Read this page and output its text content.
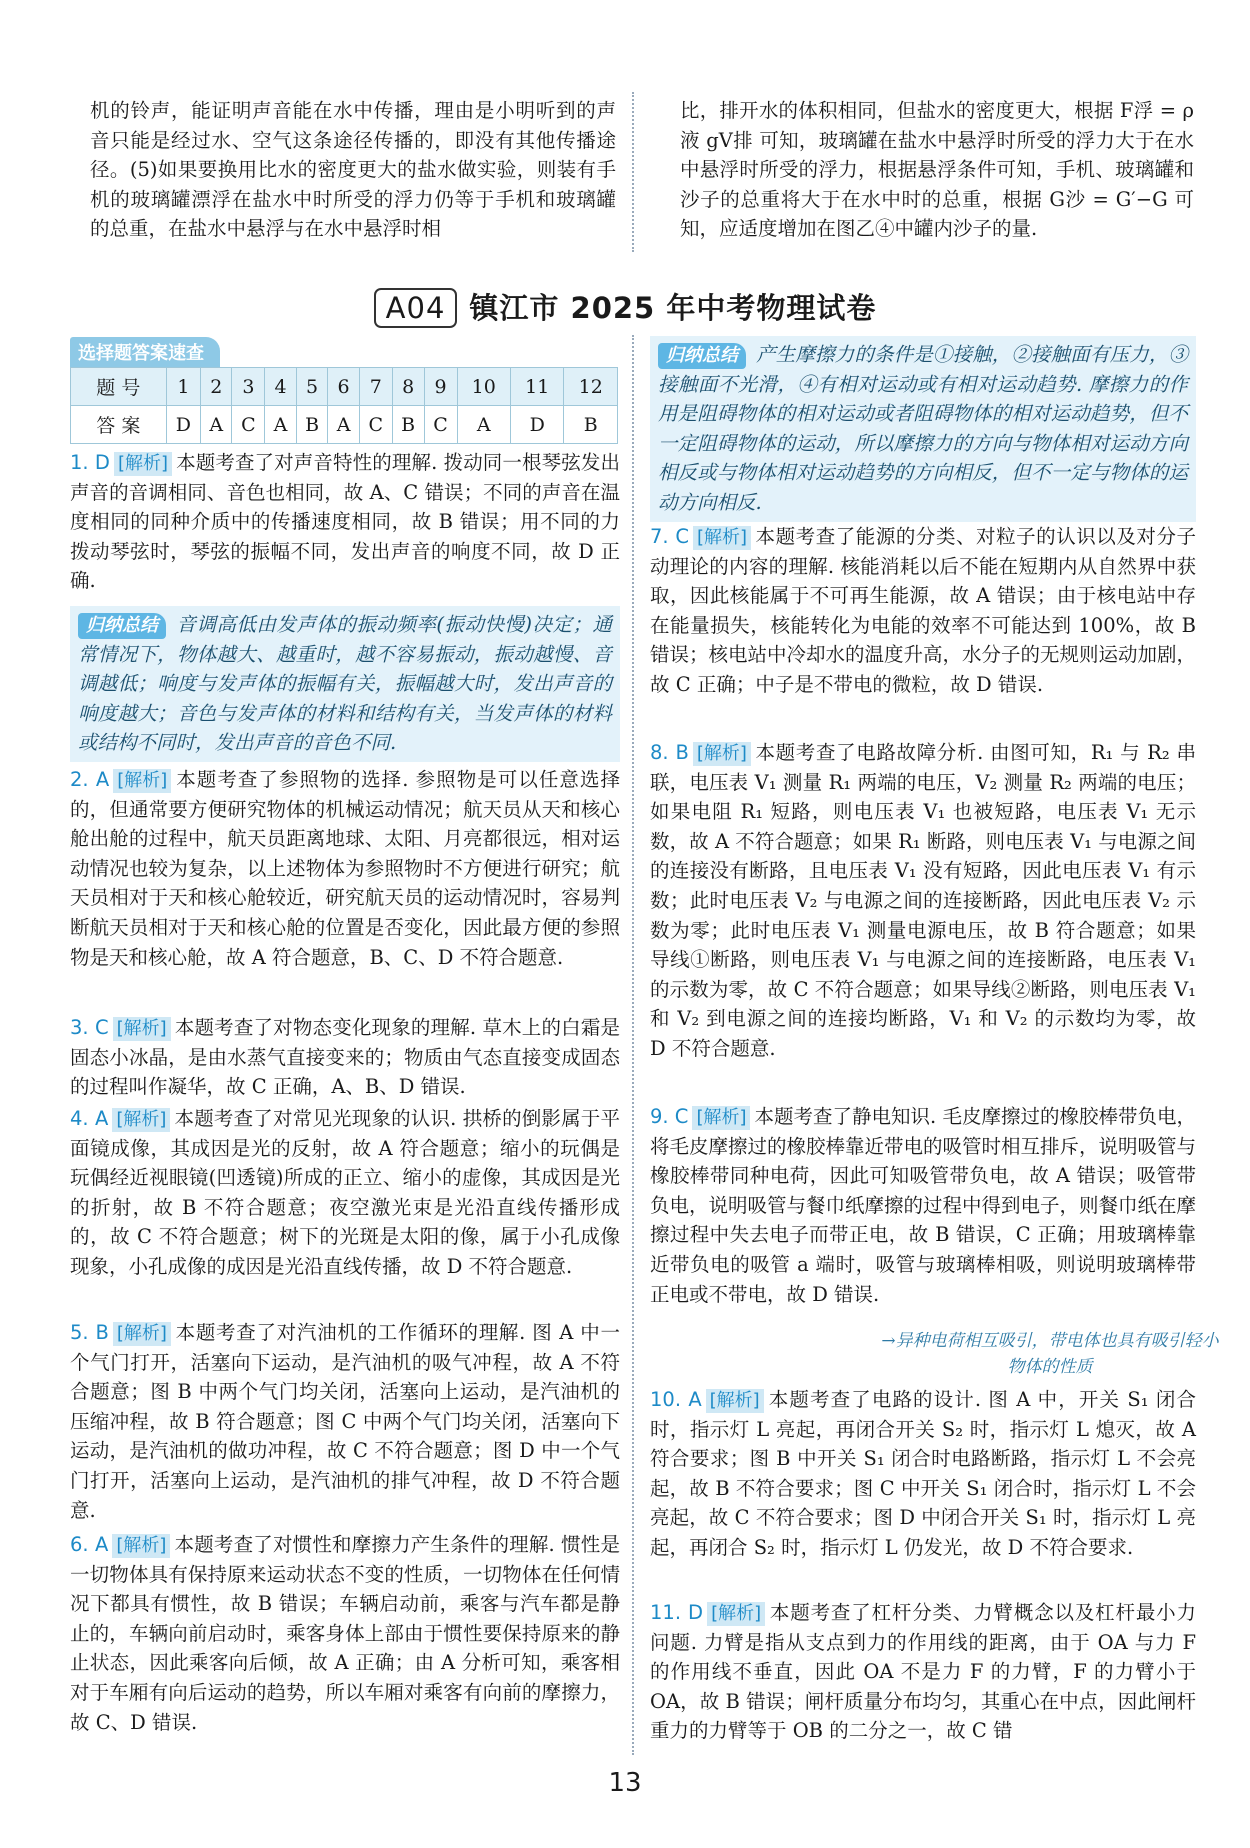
机的铃声，能证明声音能在水中传播，理由是小明听到的声音只能是经过水、空气这条途径传播的，即没有其他传播途径。(5)如果要换用比水的密度更大的盐水做实验，则装有手机的玻璃罐漂浮在盐水中时所受的浮力仍等于手机和玻璃罐的总重，在盐水中悬浮与在水中悬浮时相
比，排开水的体积相同，但盐水的密度更大，根据 F浮 = ρ液 gV排 可知，玻璃罐在盐水中悬浮时所受的浮力大于在水中悬浮时所受的浮力，根据悬浮条件可知，手机、玻璃罐和沙子的总重将大于在水中时的总重，根据 G沙 = G′−G 可知，应适度增加在图乙④中罐内沙子的量.
A04 镇江市 2025 年中考物理试卷
选择题答案速查
题 号	1	2	3	4	5	6	7	8	9	10	11	12
答 案	D	A	C	A	B	A	C	B	C	A	D	B
1. D [解析] 本题考查了对声音特性的理解. 拨动同一根琴弦发出声音的音调相同、音色也相同，故 A、C 错误；不同的声音在温度相同的同种介质中的传播速度相同，故 B 错误；用不同的力拨动琴弦时，琴弦的振幅不同，发出声音的响度不同，故 D 正确.
归纳总结 音调高低由发声体的振动频率(振动快慢)决定；通常情况下，物体越大、越重时，越不容易振动，振动越慢、音调越低；响度与发声体的振幅有关，振幅越大时，发出声音的响度越大；音色与发声体的材料和结构有关，当发声体的材料或结构不同时，发出声音的音色不同.
2. A [解析] 本题考查了参照物的选择. 参照物是可以任意选择的，但通常要方便研究物体的机械运动情况；航天员从天和核心舱出舱的过程中，航天员距离地球、太阳、月亮都很远，相对运动情况也较为复杂，以上述物体为参照物时不方便进行研究；航天员相对于天和核心舱较近，研究航天员的运动情况时，容易判断航天员相对于天和核心舱的位置是否变化，因此最方便的参照物是天和核心舱，故 A 符合题意，B、C、D 不符合题意.
3. C [解析] 本题考查了对物态变化现象的理解. 草木上的白霜是固态小冰晶，是由水蒸气直接变来的；物质由气态直接变成固态的过程叫作凝华，故 C 正确，A、B、D 错误.
4. A [解析] 本题考查了对常见光现象的认识. 拱桥的倒影属于平面镜成像，其成因是光的反射，故 A 符合题意；缩小的玩偶是玩偶经近视眼镜(凹透镜)所成的正立、缩小的虚像，其成因是光的折射，故 B 不符合题意；夜空激光束是光沿直线传播形成的，故 C 不符合题意；树下的光斑是太阳的像，属于小孔成像现象，小孔成像的成因是光沿直线传播，故 D 不符合题意.
5. B [解析] 本题考查了对汽油机的工作循环的理解. 图 A 中一个气门打开，活塞向下运动，是汽油机的吸气冲程，故 A 不符合题意；图 B 中两个气门均关闭，活塞向上运动，是汽油机的压缩冲程，故 B 符合题意；图 C 中两个气门均关闭，活塞向下运动，是汽油机的做功冲程，故 C 不符合题意；图 D 中一个气门打开，活塞向上运动，是汽油机的排气冲程，故 D 不符合题意.
6. A [解析] 本题考查了对惯性和摩擦力产生条件的理解. 惯性是一切物体具有保持原来运动状态不变的性质，一切物体在任何情况下都具有惯性，故 B 错误；车辆启动前，乘客与汽车都是静止的，车辆向前启动时，乘客身体上部由于惯性要保持原来的静止状态，因此乘客向后倾，故 A 正确；由 A 分析可知，乘客相对于车厢有向后运动的趋势，所以车厢对乘客有向前的摩擦力，故 C、D 错误.
归纳总结 产生摩擦力的条件是①接触，②接触面有压力，③接触面不光滑，④有相对运动或有相对运动趋势. 摩擦力的作用是阻碍物体的相对运动或者阻碍物体的相对运动趋势，但不一定阻碍物体的运动，所以摩擦力的方向与物体相对运动方向相反或与物体相对运动趋势的方向相反，但不一定与物体的运动方向相反.
7. C [解析] 本题考查了能源的分类、对粒子的认识以及对分子动理论的内容的理解. 核能消耗以后不能在短期内从自然界中获取，因此核能属于不可再生能源，故 A 错误；由于核电站中存在能量损失，核能转化为电能的效率不可能达到 100%，故 B 错误；核电站中冷却水的温度升高，水分子的无规则运动加剧，故 C 正确；中子是不带电的微粒，故 D 错误.
8. B [解析] 本题考查了电路故障分析. 由图可知，R₁ 与 R₂ 串联，电压表 V₁ 测量 R₁ 两端的电压，V₂ 测量 R₂ 两端的电压；如果电阻 R₁ 短路，则电压表 V₁ 也被短路，电压表 V₁ 无示数，故 A 不符合题意；如果 R₁ 断路，则电压表 V₁ 与电源之间的连接没有断路，且电压表 V₁ 没有短路，因此电压表 V₁ 有示数；此时电压表 V₂ 与电源之间的连接断路，因此电压表 V₂ 示数为零；此时电压表 V₁ 测量电源电压，故 B 符合题意；如果导线①断路，则电压表 V₁ 与电源之间的连接断路，电压表 V₁ 的示数为零，故 C 不符合题意；如果导线②断路，则电压表 V₁ 和 V₂ 到电源之间的连接均断路，V₁ 和 V₂ 的示数均为零，故 D 不符合题意.
9. C [解析] 本题考查了静电知识. 毛皮摩擦过的橡胶棒带负电，将毛皮摩擦过的橡胶棒靠近带电的吸管时相互排斥，说明吸管与橡胶棒带同种电荷，因此可知吸管带负电，故 A 错误；吸管带负电，说明吸管与餐巾纸摩擦的过程中得到电子，则餐巾纸在摩擦过程中失去电子而带正电，故 B 错误，C 正确；用玻璃棒靠近带负电的吸管 a 端时，吸管与玻璃棒相吸，则说明玻璃棒带正电或不带电，故 D 错误.
→异种电荷相互吸引，带电体也具有吸引轻小物体的性质
10. A [解析] 本题考查了电路的设计. 图 A 中，开关 S₁ 闭合时，指示灯 L 亮起，再闭合开关 S₂ 时，指示灯 L 熄灭，故 A 符合要求；图 B 中开关 S₁ 闭合时电路断路，指示灯 L 不会亮起，故 B 不符合要求；图 C 中开关 S₁ 闭合时，指示灯 L 不会亮起，故 C 不符合要求；图 D 中闭合开关 S₁ 时，指示灯 L 亮起，再闭合 S₂ 时，指示灯 L 仍发光，故 D 不符合要求.
11. D [解析] 本题考查了杠杆分类、力臂概念以及杠杆最小力问题. 力臂是指从支点到力的作用线的距离，由于 OA 与力 F 的作用线不垂直，因此 OA 不是力 F 的力臂，F 的力臂小于 OA，故 B 错误；闸杆质量分布均匀，其重心在中点，因此闸杆重力的力臂等于 OB 的二分之一，故 C 错
13
